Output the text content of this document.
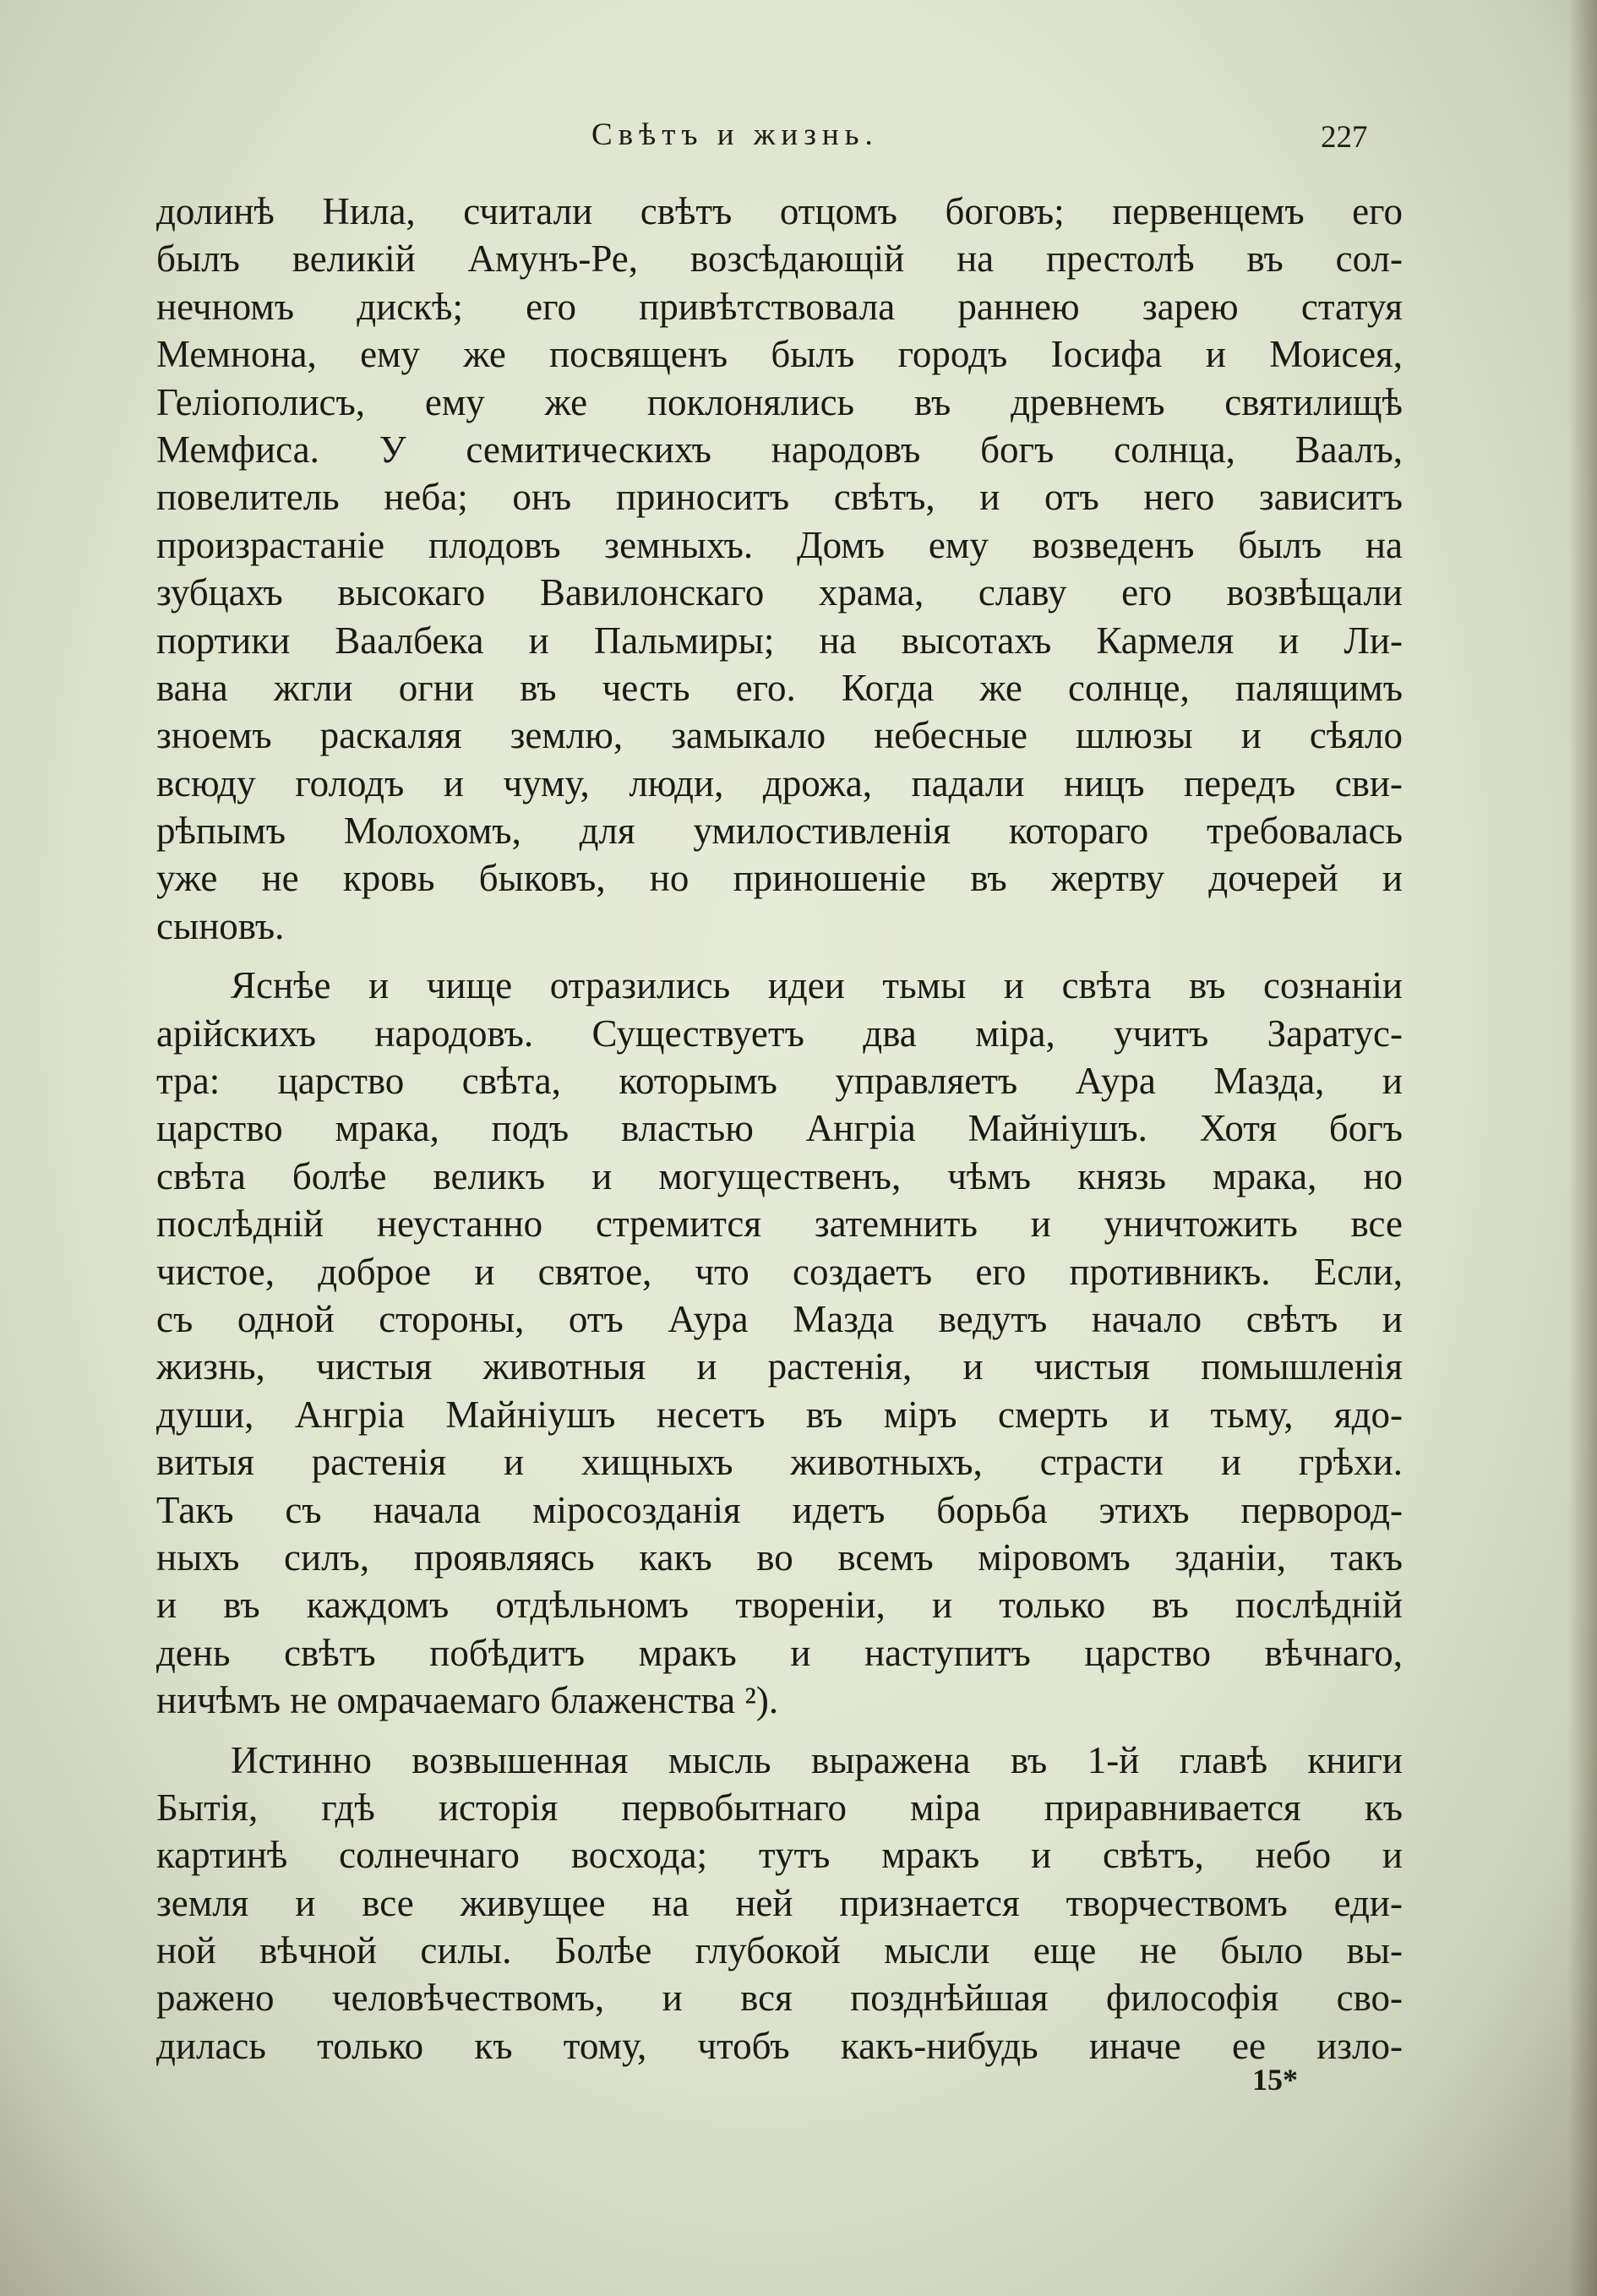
Свѣтъ и жизнь.	227
долинѣ Нила, считали свѣтъ отцомъ боговъ; первенцемъ его
былъ великій Амунъ-Ре, возсѣдающій на престолѣ въ сол-
нечномъ дискѣ; его привѣтствовала раннею зарею статуя
Мемнона, ему же посвященъ былъ городъ Іосифа и Моисея,
Геліополисъ, ему же поклонялись въ древнемъ святилищѣ
Мемфиса. У семитическихъ народовъ богъ солнца, Ваалъ,
повелитель неба; онъ приноситъ свѣтъ, и отъ него зависитъ
произрастаніе плодовъ земныхъ. Домъ ему возведенъ былъ на
зубцахъ высокаго Вавилонскаго храма, славу его возвѣщали
портики Ваалбека и Пальмиры; на высотахъ Кармеля и Ли-
вана жгли огни въ честь его. Когда же солнце, палящимъ
зноемъ раскаляя землю, замыкало небесные шлюзы и сѣяло
всюду голодъ и чуму, люди, дрожа, падали ницъ передъ сви-
рѣпымъ Молохомъ, для умилостивленія котораго требовалась
уже не кровь быковъ, но приношеніе въ жертву дочерей и
сыновъ.
Яснѣе и чище отразились идеи тьмы и свѣта въ сознаніи
арійскихъ народовъ. Существуетъ два міра, учитъ Заратус-
тра: царство свѣта, которымъ управляетъ Аура Мазда, и
царство мрака, подъ властью Ангріа Майніушъ. Хотя богъ
свѣта болѣе великъ и могущественъ, чѣмъ князь мрака, но
послѣдній неустанно стремится затемнить и уничтожить все
чистое, доброе и святое, что создаетъ его противникъ. Если,
съ одной стороны, отъ Аура Мазда ведутъ начало свѣтъ и
жизнь, чистыя животныя и растенія, и чистыя помышленія
души, Ангріа Майніушъ несетъ въ міръ смерть и тьму, ядо-
витыя растенія и хищныхъ животныхъ, страсти и грѣхи.
Такъ съ начала міросозданія идетъ борьба этихъ первород-
ныхъ силъ, проявляясь какъ во всемъ міровомъ зданіи, такъ
и въ каждомъ отдѣльномъ твореніи, и только въ послѣдній
день свѣтъ побѣдитъ мракъ и наступитъ царство вѣчнаго,
ничѣмъ не омрачаемаго блаженства ²).
Истинно возвышенная мысль выражена въ 1-й главѣ книги
Бытія, гдѣ исторія первобытнаго міра приравнивается къ
картинѣ солнечнаго восхода; тутъ мракъ и свѣтъ, небо и
земля и все живущее на ней признается творчествомъ еди-
ной вѣчной силы. Болѣе глубокой мысли еще не было вы-
ражено человѣчествомъ, и вся позднѣйшая философія сво-
дилась только къ тому, чтобъ какъ-нибудь иначе ее изло-
15*
